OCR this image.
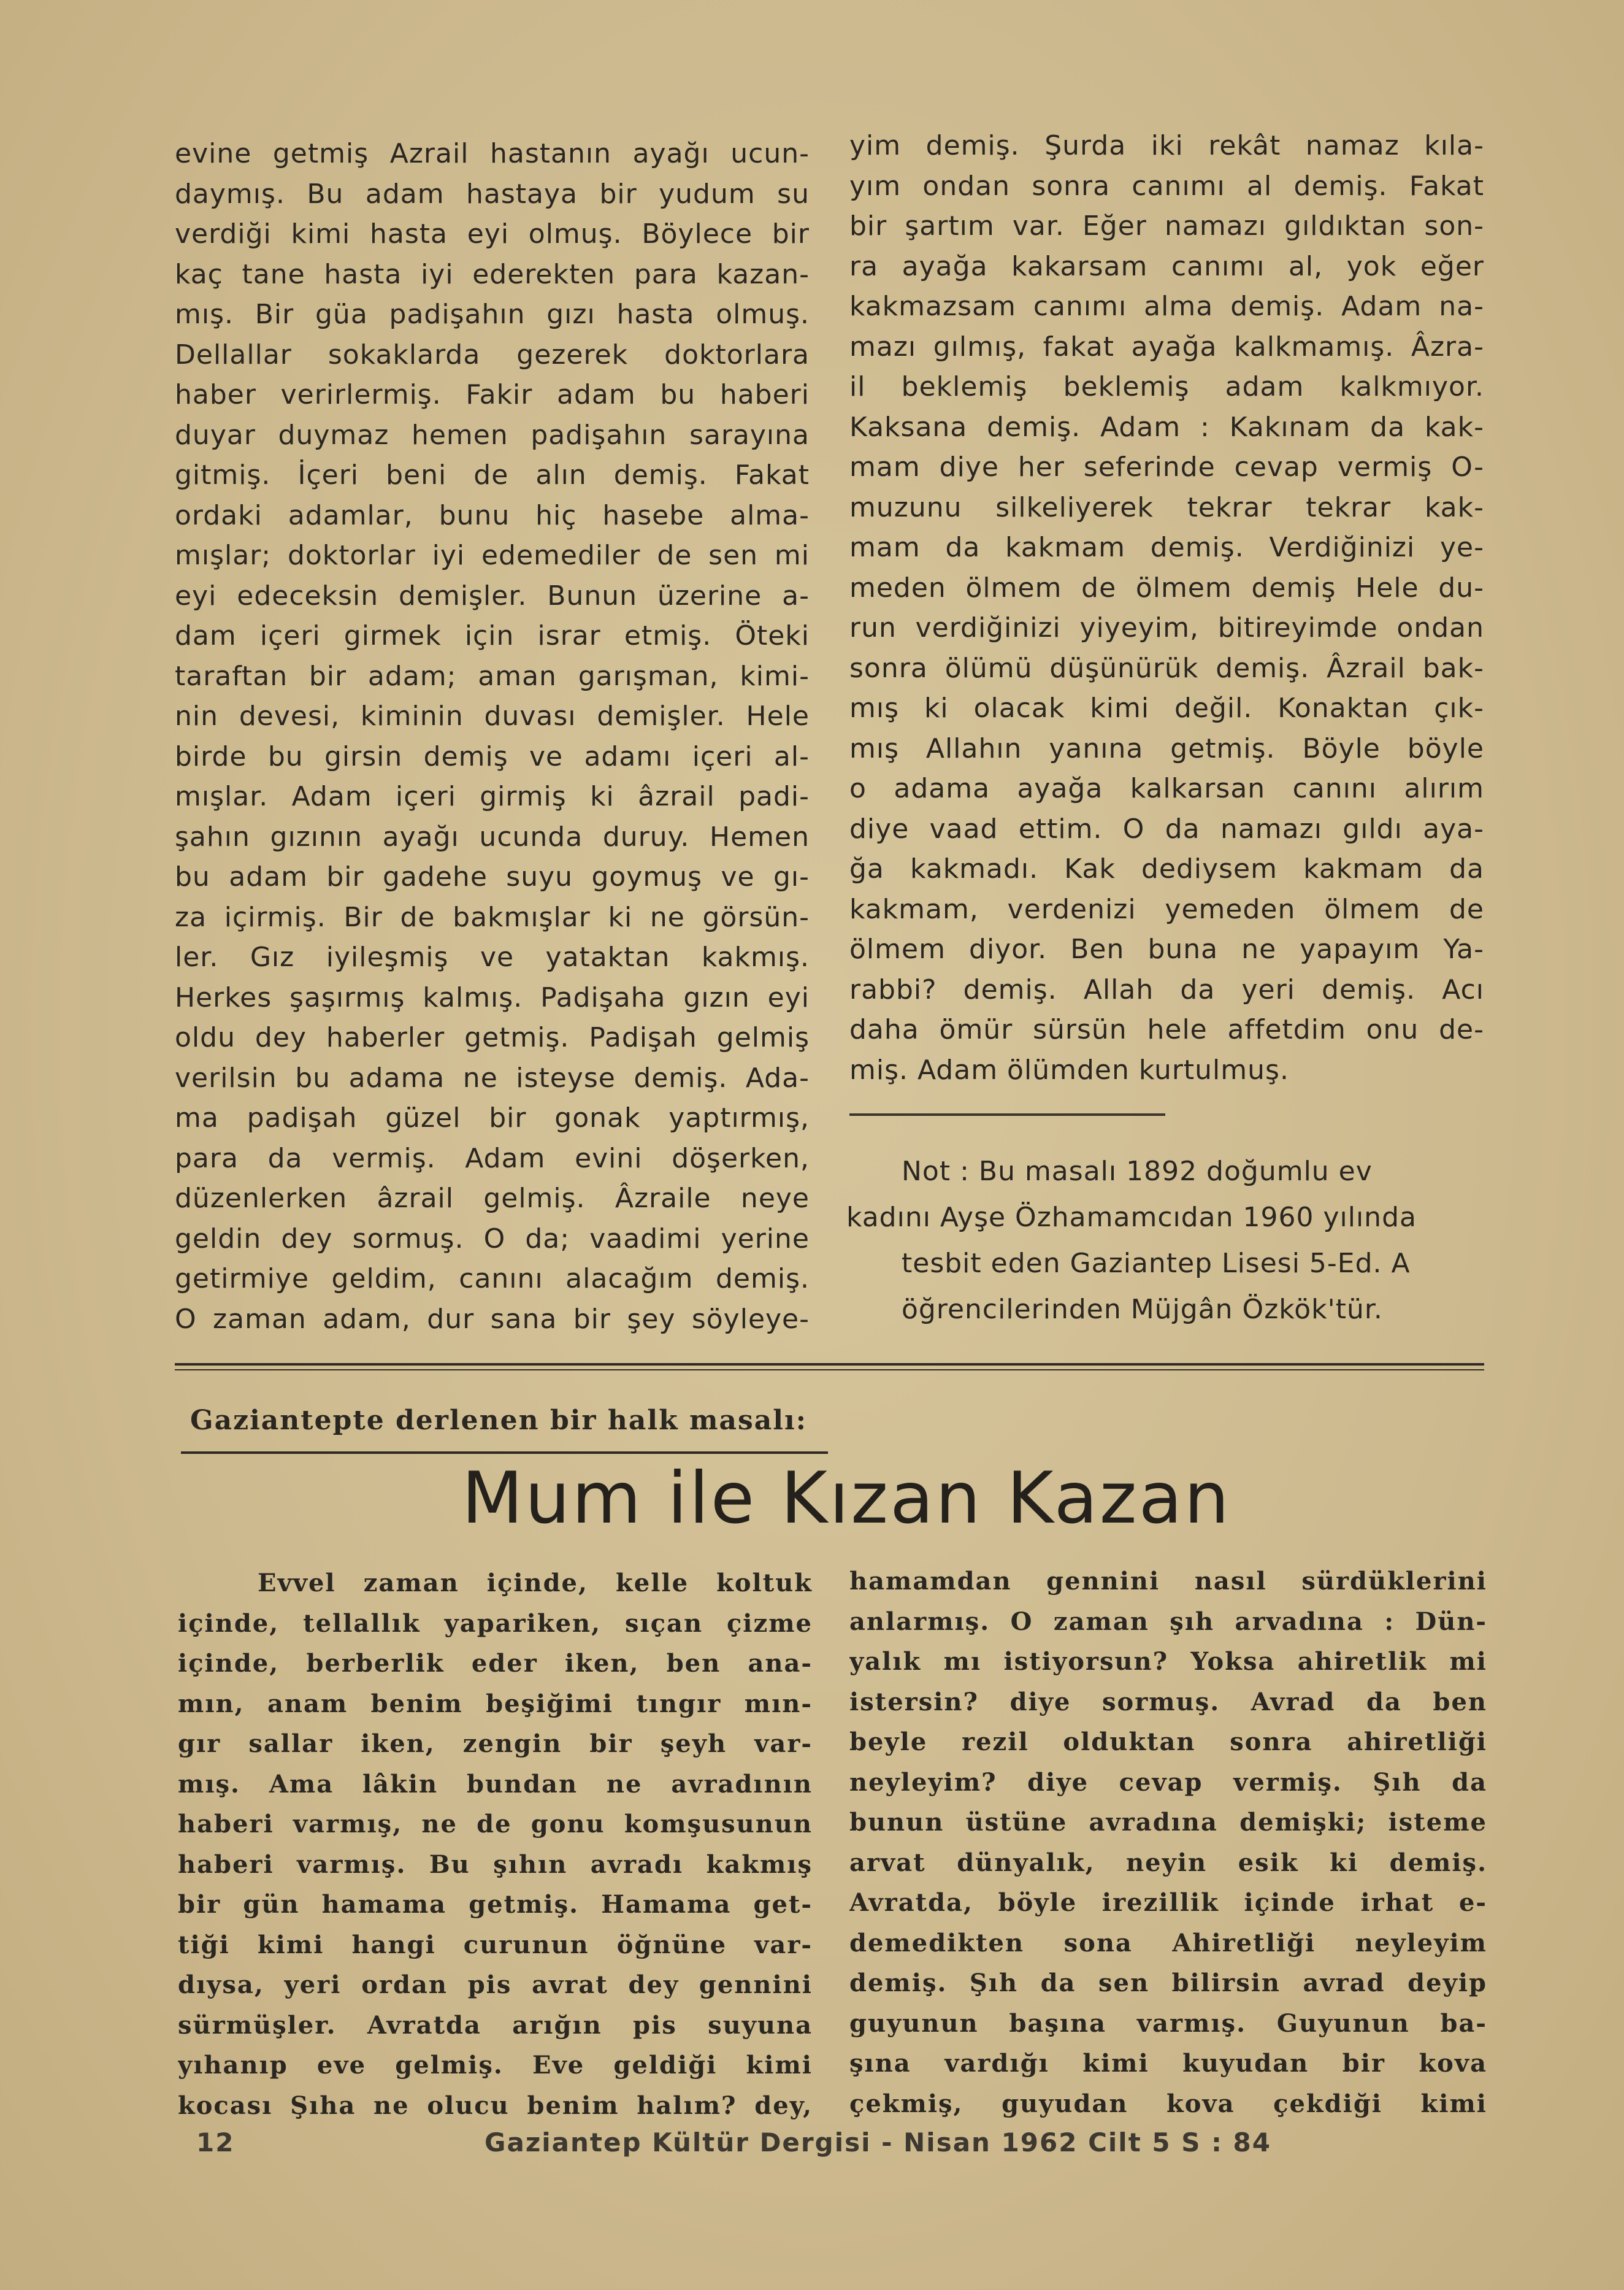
evine getmiş Azrail hastanın ayağı ucun-
daymış. Bu adam hastaya bir yudum su
verdiği kimi hasta eyi olmuş. Böylece bir
kaç tane hasta iyi ederekten para kazan-
mış. Bir güa padişahın gızı hasta olmuş.
Dellallar sokaklarda gezerek doktorlara
haber verirlermiş. Fakir adam bu haberi
duyar duymaz hemen padişahın sarayına
gitmiş. İçeri beni de alın demiş. Fakat
ordaki adamlar, bunu hiç hasebe alma-
mışlar; doktorlar iyi edemediler de sen mi
eyi edeceksin demişler. Bunun üzerine a-
dam içeri girmek için israr etmiş. Öteki
taraftan bir adam; aman garışman, kimi-
nin devesi, kiminin duvası demişler. Hele
birde bu girsin demiş ve adamı içeri al-
mışlar. Adam içeri girmiş ki âzrail padi-
şahın gızının ayağı ucunda duruy. Hemen
bu adam bir gadehe suyu goymuş ve gı-
za içirmiş. Bir de bakmışlar ki ne görsün-
ler. Gız iyileşmiş ve yataktan kakmış.
Herkes şaşırmış kalmış. Padişaha gızın eyi
oldu dey haberler getmiş. Padişah gelmiş
verilsin bu adama ne isteyse demiş. Ada-
ma padişah güzel bir gonak yaptırmış,
para da vermiş. Adam evini döşerken,
düzenlerken âzrail gelmiş. Âzraile neye
geldin dey sormuş. O da; vaadimi yerine
getirmiye geldim, canını alacağım demiş.
O zaman adam, dur sana bir şey söyleye-
yim demiş. Şurda iki rekât namaz kıla-
yım ondan sonra canımı al demiş. Fakat
bir şartım var. Eğer namazı gıldıktan son-
ra ayağa kakarsam canımı al, yok eğer
kakmazsam canımı alma demiş. Adam na-
mazı gılmış, fakat ayağa kalkmamış. Âzra-
il beklemiş beklemiş adam kalkmıyor.
Kaksana demiş. Adam : Kakınam da kak-
mam diye her seferinde cevap vermiş O-
muzunu silkeliyerek tekrar tekrar kak-
mam da kakmam demiş. Verdiğinizi ye-
meden ölmem de ölmem demiş Hele du-
run verdiğinizi yiyeyim, bitireyimde ondan
sonra ölümü düşünürük demiş. Âzrail bak-
mış ki olacak kimi değil. Konaktan çık-
mış Allahın yanına getmiş. Böyle böyle
o adama ayağa kalkarsan canını alırım
diye vaad ettim. O da namazı gıldı aya-
ğa kakmadı. Kak dediysem kakmam da
kakmam, verdenizi yemeden ölmem de
ölmem diyor. Ben buna ne yapayım Ya-
rabbi? demiş. Allah da yeri demiş. Acı
daha ömür sürsün hele affetdim onu de-
miş. Adam ölümden kurtulmuş.
Not : Bu masalı 1892 doğumlu ev
kadını Ayşe Özhamamcıdan 1960 yılında
tesbit eden Gaziantep Lisesi 5-Ed. A
öğrencilerinden Müjgân Özkök'tür.
Gaziantepte derlenen bir halk masalı:
Mum ile Kızan Kazan
Evvel zaman içinde, kelle koltuk
içinde, tellallık yapariken, sıçan çizme
içinde, berberlik eder iken, ben ana-
mın, anam benim beşiğimi tıngır mın-
gır sallar iken, zengin bir şeyh var-
mış. Ama lâkin bundan ne avradının
haberi varmış, ne de gonu komşusunun
haberi varmış. Bu şıhın avradı kakmış
bir gün hamama getmiş. Hamama get-
tiği kimi hangi curunun öğnüne var-
dıysa, yeri ordan pis avrat dey gennini
sürmüşler. Avratda arığın pis suyuna
yıhanıp eve gelmiş. Eve geldiği kimi
kocası Şıha ne olucu benim halım? dey,
hamamdan gennini nasıl sürdüklerini
anlarmış. O zaman şıh arvadına : Dün-
yalık mı istiyorsun? Yoksa ahiretlik mi
istersin? diye sormuş. Avrad da ben
beyle rezil olduktan sonra ahiretliği
neyleyim? diye cevap vermiş. Şıh da
bunun üstüne avradına demişki; isteme
arvat dünyalık, neyin esik ki demiş.
Avratda, böyle irezillik içinde irhat e-
demedikten sona Ahiretliği neyleyim
demiş. Şıh da sen bilirsin avrad deyip
guyunun başına varmış. Guyunun ba-
şına vardığı kimi kuyudan bir kova
çekmiş, guyudan kova çekdiği kimi
12	Gaziantep Kültür Dergisi - Nisan 1962 Cilt 5 S : 84
